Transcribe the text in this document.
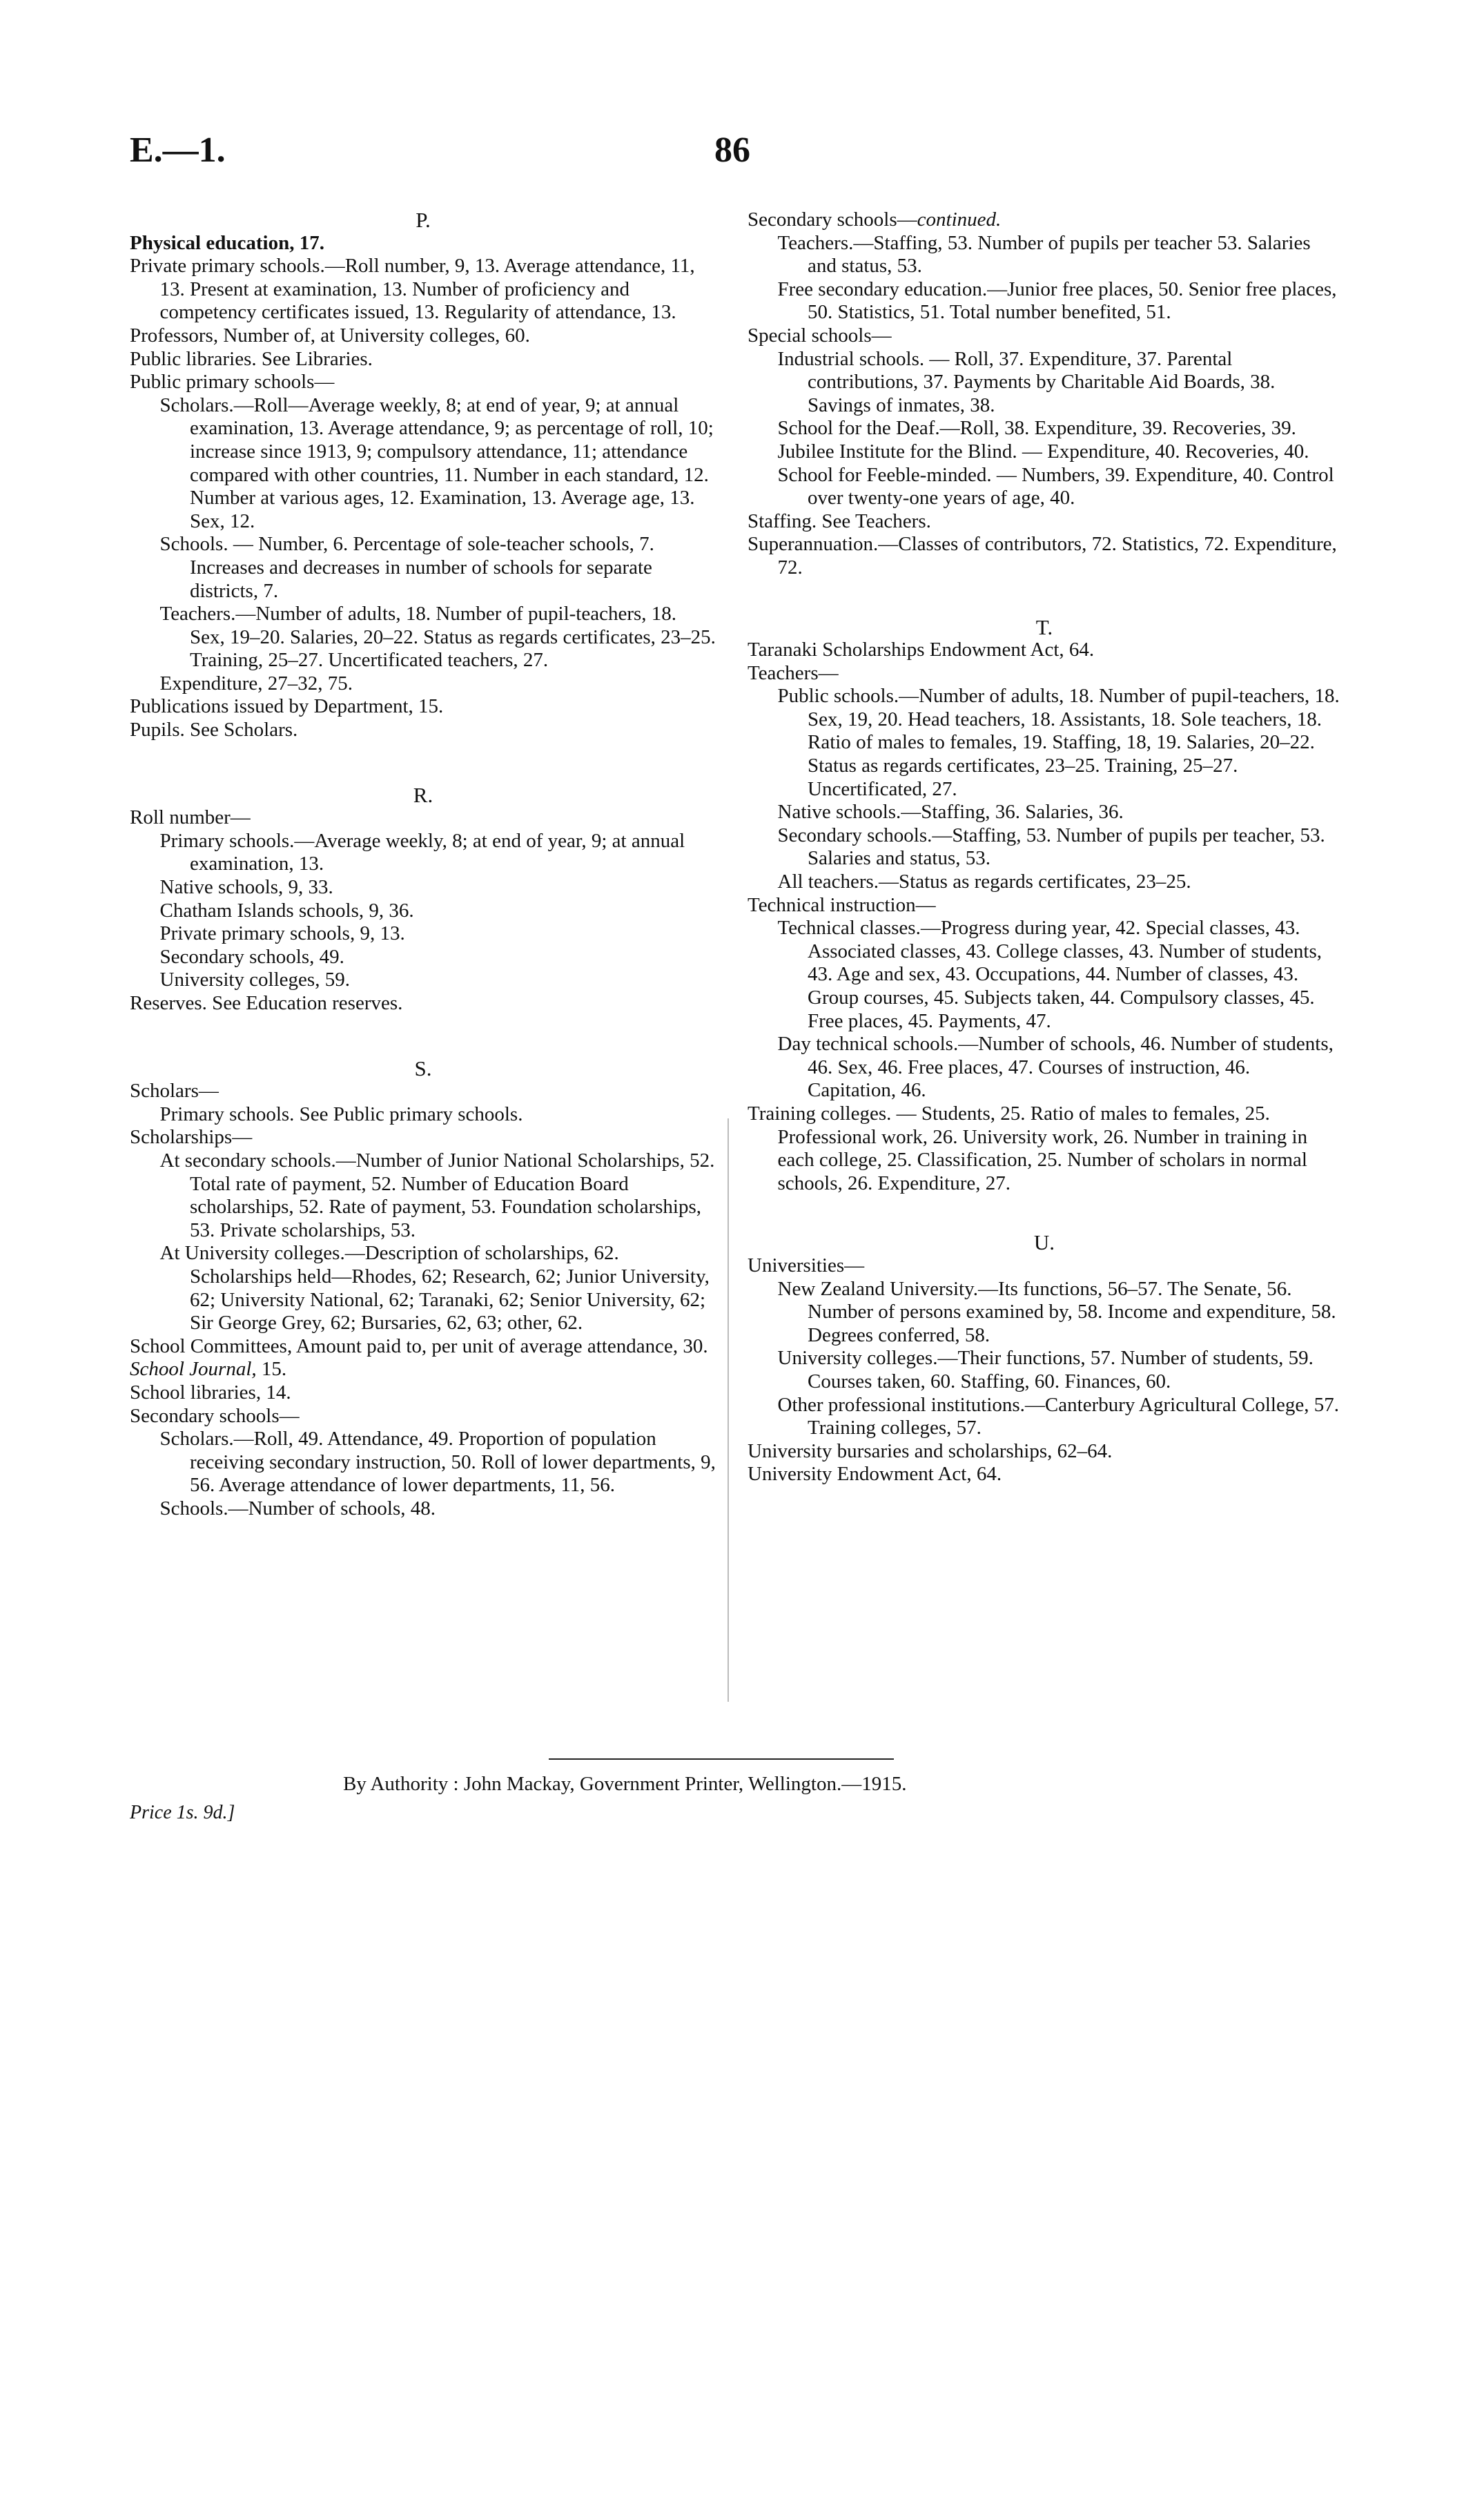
E.—1.	86

P.

Physical education, 17.

Private primary schools.—Roll number, 9, 13. Average attendance, 11, 13. Present at examination, 13. Number of proficiency and competency certificates issued, 13. Regularity of attendance, 13.

Professors, Number of, at University colleges, 60.

Public libraries. See Libraries.

Public primary schools—

Scholars.—Roll—Average weekly, 8; at end of year, 9; at annual examination, 13. Average attendance, 9; as percentage of roll, 10; increase since 1913, 9; compulsory attendance, 11; attendance compared with other countries, 11. Number in each standard, 12. Number at various ages, 12. Examination, 13. Average age, 13. Sex, 12.

Schools. — Number, 6. Percentage of sole-teacher schools, 7. Increases and decreases in number of schools for separate districts, 7.

Teachers.—Number of adults, 18. Number of pupil-teachers, 18. Sex, 19–20. Salaries, 20–22. Status as regards certificates, 23–25. Training, 25–27. Uncertificated teachers, 27.

Expenditure, 27–32, 75.

Publications issued by Department, 15.

Pupils. See Scholars.

R.

Roll number—

Primary schools.—Average weekly, 8; at end of year, 9; at annual examination, 13.

Native schools, 9, 33.

Chatham Islands schools, 9, 36.

Private primary schools, 9, 13.

Secondary schools, 49.

University colleges, 59.

Reserves. See Education reserves.

S.

Scholars—

Primary schools. See Public primary schools.

Scholarships—

At secondary schools.—Number of Junior National Scholarships, 52. Total rate of payment, 52. Number of Education Board scholarships, 52. Rate of payment, 53. Foundation scholarships, 53. Private scholarships, 53.

At University colleges.—Description of scholarships, 62. Scholarships held—Rhodes, 62; Research, 62; Junior University, 62; University National, 62; Taranaki, 62; Senior University, 62; Sir George Grey, 62; Bursaries, 62, 63; other, 62.

School Committees, Amount paid to, per unit of average attendance, 30.

School Journal, 15.

School libraries, 14.

Secondary schools—

Scholars.—Roll, 49. Attendance, 49. Proportion of population receiving secondary instruction, 50. Roll of lower departments, 9, 56. Average attendance of lower departments, 11, 56.

Schools.—Number of schools, 48.

Secondary schools—continued.

Teachers.—Staffing, 53. Number of pupils per teacher 53. Salaries and status, 53.

Free secondary education.—Junior free places, 50. Senior free places, 50. Statistics, 51. Total number benefited, 51.

Special schools—

Industrial schools. — Roll, 37. Expenditure, 37. Parental contributions, 37. Payments by Charitable Aid Boards, 38. Savings of inmates, 38.

School for the Deaf.—Roll, 38. Expenditure, 39. Recoveries, 39.

Jubilee Institute for the Blind. — Expenditure, 40. Recoveries, 40.

School for Feeble-minded. — Numbers, 39. Expenditure, 40. Control over twenty-one years of age, 40.

Staffing. See Teachers.

Superannuation.—Classes of contributors, 72. Statistics, 72. Expenditure, 72.

T.

Taranaki Scholarships Endowment Act, 64.

Teachers—

Public schools.—Number of adults, 18. Number of pupil-teachers, 18. Sex, 19, 20. Head teachers, 18. Assistants, 18. Sole teachers, 18. Ratio of males to females, 19. Staffing, 18, 19. Salaries, 20–22. Status as regards certificates, 23–25. Training, 25–27. Uncertificated, 27.

Native schools.—Staffing, 36. Salaries, 36.

Secondary schools.—Staffing, 53. Number of pupils per teacher, 53. Salaries and status, 53.

All teachers.—Status as regards certificates, 23–25.

Technical instruction—

Technical classes.—Progress during year, 42. Special classes, 43. Associated classes, 43. College classes, 43. Number of students, 43. Age and sex, 43. Occupations, 44. Number of classes, 43. Group courses, 45. Subjects taken, 44. Compulsory classes, 45. Free places, 45. Payments, 47.

Day technical schools.—Number of schools, 46. Number of students, 46. Sex, 46. Free places, 47. Courses of instruction, 46. Capitation, 46.

Training colleges. — Students, 25. Ratio of males to females, 25. Professional work, 26. University work, 26. Number in training in each college, 25. Classification, 25. Number of scholars in normal schools, 26. Expenditure, 27.

U.

Universities—

New Zealand University.—Its functions, 56–57. The Senate, 56. Number of persons examined by, 58. Income and expenditure, 58. Degrees conferred, 58.

University colleges.—Their functions, 57. Number of students, 59. Courses taken, 60. Staffing, 60. Finances, 60.

Other professional institutions.—Canterbury Agricultural College, 57. Training colleges, 57.

University bursaries and scholarships, 62–64.

University Endowment Act, 64.

By Authority : John Mackay, Government Printer, Wellington.—1915.
Price 1s. 9d.]
